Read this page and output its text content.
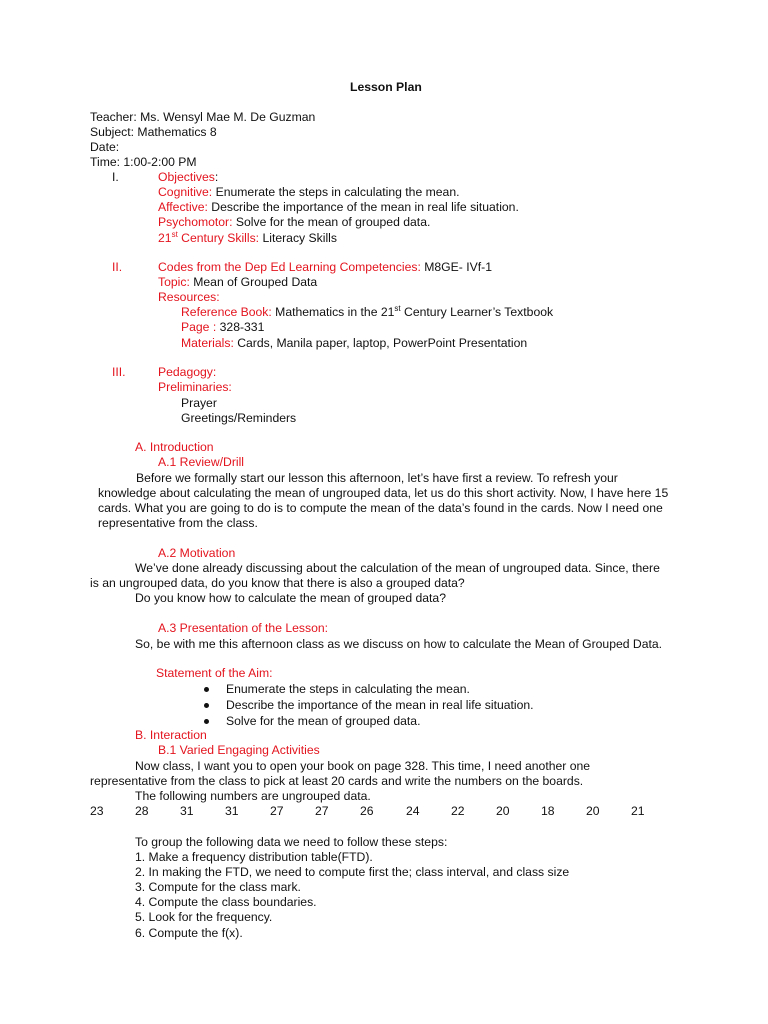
Lesson Plan
Teacher: Ms. Wensyl Mae M. De Guzman
Subject: Mathematics 8
Date:
Time: 1:00-2:00 PM
I.	Objectives:
Cognitive: Enumerate the steps in calculating the mean.
Affective: Describe the importance of the mean in real life situation.
Psychomotor: Solve for the mean of grouped data.
21st Century Skills: Literacy Skills
II.	Codes from the Dep Ed Learning Competencies: M8GE- IVf-1
Topic: Mean of Grouped Data
Resources:
Reference Book: Mathematics in the 21st Century Learner’s Textbook
Page : 328-331
Materials: Cards, Manila paper, laptop, PowerPoint Presentation
III.	Pedagogy:
Preliminaries:
Prayer
Greetings/Reminders
A. Introduction
A.1 Review/Drill
Before we formally start our lesson this afternoon, let’s have first a review. To refresh your knowledge about calculating the mean of ungrouped data, let us do this short activity. Now, I have here 15 cards. What you are going to do is to compute the mean of the data’s found in the cards. Now I need one representative from the class.
A.2 Motivation
We’ve done already discussing about the calculation of the mean of ungrouped data. Since, there
is an ungrouped data, do you know that there is also a grouped data?
Do you know how to calculate the mean of grouped data?
A.3 Presentation of the Lesson:
So, be with me this afternoon class as we discuss on how to calculate the Mean of Grouped Data.
Statement of the Aim:
Enumerate the steps in calculating the mean.
Describe the importance of the mean in real life situation.
Solve for the mean of grouped data.
B. Interaction
B.1 Varied Engaging Activities
Now class, I want you to open your book on page 328. This time, I need another one
representative from the class to pick at least 20 cards and write the numbers on the boards.
The following numbers are ungrouped data.
23	28	31	31	27	27	26	24	22	20	18	20	21
To group the following data we need to follow these steps:
1. Make a frequency distribution table(FTD).
2. In making the FTD, we need to compute first the; class interval, and class size
3. Compute for the class mark.
4. Compute the class boundaries.
5. Look for the frequency.
6. Compute the f(x).
